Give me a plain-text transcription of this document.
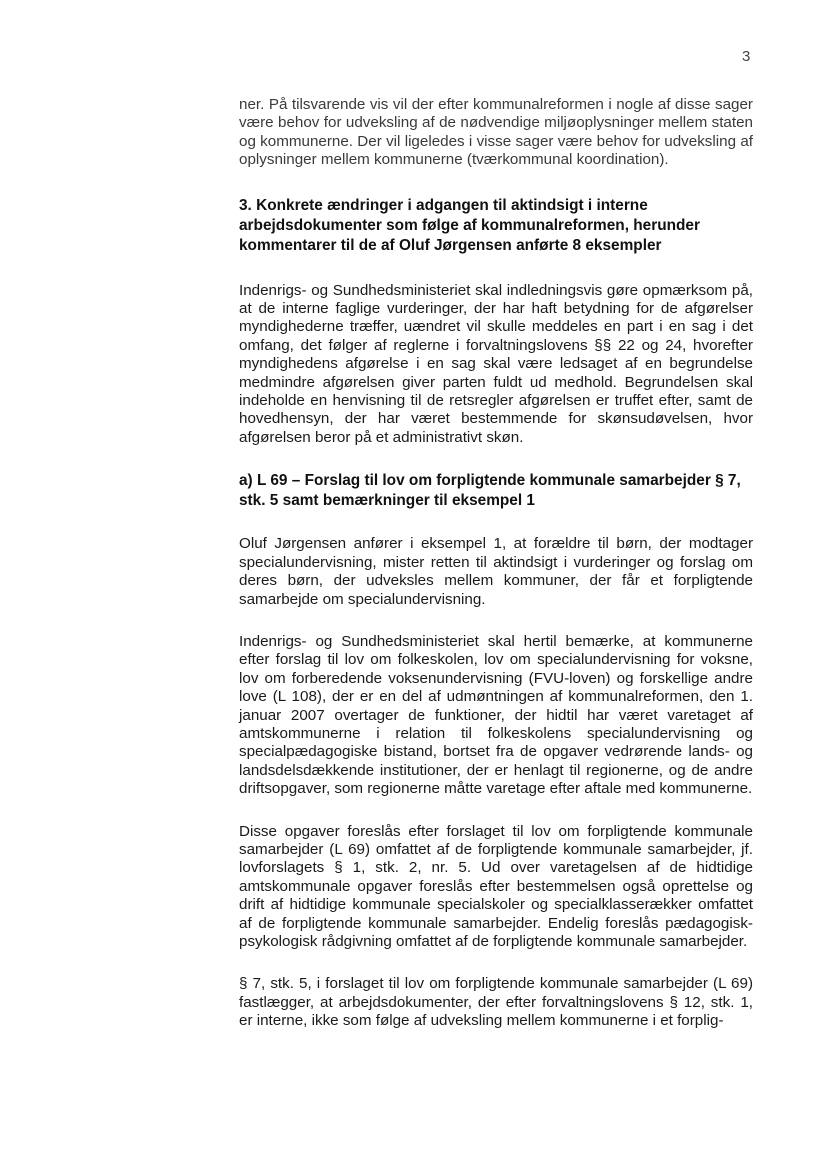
3

ner. På tilsvarende vis vil der efter kommunalreformen i nogle af disse sager være behov for udveksling af de nødvendige miljøoplysninger mellem staten og kommunerne. Der vil ligeledes i visse sager være behov for udveksling af oplysninger mellem kommunerne (tværkommunal koordination).

3. Konkrete ændringer i adgangen til aktindsigt i interne arbejdsdokumenter som følge af kommunalreformen, herunder kommentarer til de af Oluf Jørgensen anførte 8 eksempler

Indenrigs- og Sundhedsministeriet skal indledningsvis gøre opmærksom på, at de interne faglige vurderinger, der har haft betydning for de afgørelser myndighederne træffer, uændret vil skulle meddeles en part i en sag i det omfang, det følger af reglerne i forvaltningslovens §§ 22 og 24, hvorefter myndighedens afgørelse i en sag skal være ledsaget af en begrundelse medmindre afgørelsen giver parten fuldt ud medhold. Begrundelsen skal indeholde en henvisning til de retsregler afgørelsen er truffet efter, samt de hovedhensyn, der har været bestemmende for skønsudøvelsen, hvor afgørelsen beror på et administrativt skøn.

a) L 69 – Forslag til lov om forpligtende kommunale samarbejder § 7, stk. 5 samt bemærkninger til eksempel 1

Oluf Jørgensen anfører i eksempel 1, at forældre til børn, der modtager specialundervisning, mister retten til aktindsigt i vurderinger og forslag om deres børn, der udveksles mellem kommuner, der får et forpligtende samarbejde om specialundervisning.

Indenrigs- og Sundhedsministeriet skal hertil bemærke, at kommunerne efter forslag til lov om folkeskolen, lov om specialundervisning for voksne, lov om forberedende voksenundervisning (FVU-loven) og forskellige andre love (L 108), der er en del af udmøntningen af kommunalreformen, den 1. januar 2007 overtager de funktioner, der hidtil har været varetaget af amtskommunerne i relation til folkeskolens specialundervisning og specialpædagogiske bistand, bortset fra de opgaver vedrørende lands- og landsdelsdækkende institutioner, der er henlagt til regionerne, og de andre driftsopgaver, som regionerne måtte varetage efter aftale med kommunerne.

Disse opgaver foreslås efter forslaget til lov om forpligtende kommunale samarbejder (L 69) omfattet af de forpligtende kommunale samarbejder, jf. lovforslagets § 1, stk. 2, nr. 5. Ud over varetagelsen af de hidtidige amtskommunale opgaver foreslås efter bestemmelsen også oprettelse og drift af hidtidige kommunale specialskoler og specialklasserækker omfattet af de forpligtende kommunale samarbejder. Endelig foreslås pædagogisk-psykologisk rådgivning omfattet af de forpligtende kommunale samarbejder.

§ 7, stk. 5, i forslaget til lov om forpligtende kommunale samarbejder (L 69) fastlægger, at arbejdsdokumenter, der efter forvaltningslovens § 12, stk. 1, er interne, ikke som følge af udveksling mellem kommunerne i et forplig-
